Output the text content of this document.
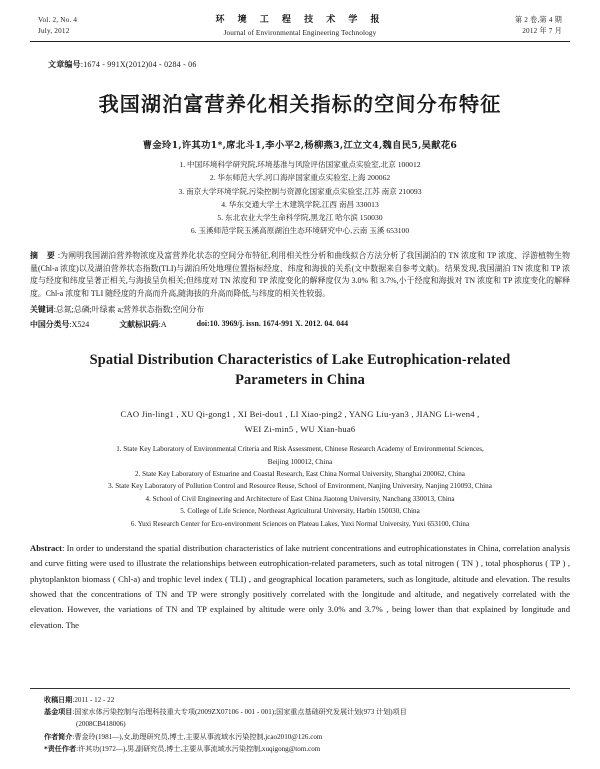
Vol. 2, No. 4
July, 2012
环 境 工 程 技 术 学 报
Journal of Environmental Engineering Technology
第 2 卷,第 4 期
2012 年 7 月
文章编号:1674 - 991X(2012)04 - 0284 - 06
我国湖泊富营养化相关指标的空间分布特征
曹金玲1,许其功1*,席北斗1,李小平2,杨柳燕3,江立文4,魏自民5,吴献花6
1. 中国环境科学研究院,环境基准与风险评估国家重点实验室,北京 100012
2. 华东师范大学,河口海岸国家重点实验室,上海 200062
3. 南京大学环境学院,污染控制与资源化国家重点实验室,江苏 南京 210093
4. 华东交通大学土木建筑学院,江西 南昌 330013
5. 东北农业大学生命科学院,黑龙江 哈尔滨 150030
6. 玉溪师范学院玉溪高原湖泊生态环境研究中心,云南 玉溪 653100
摘 要:为阐明我国湖泊营养物浓度及富营养化状态的空间分布特征,利用相关性分析和曲线拟合方法分析了我国湖泊的 TN 浓度和 TP 浓度、浮游植物生物量(Chl-a 浓度)以及湖泊营养状态指数(TLI)与湖泊所处地理位置指标经度、纬度和海拔的关系(文中数据来自参考文献)。结果发现,我国湖泊 TN 浓度和 TP 浓度与经度和纬度呈著正相关,与海拔呈负相关;但纬度对 TN 浓度和 TP 浓度变化的解释度仅为 3.0% 和 3.7%,小于经度和海拔对 TN 浓度和 TP 浓度变化的解释度。Chl-a 浓度和 TLI 随经度的升高而升高,随海拔的升高而降低,与纬度的相关性较弱。
关键词:总氮;总磷;叶绿素 a;营养状态指数;空间分布
中国分类号:X524	文献标识码:A	doi:10. 3969/j. issn. 1674-991 X. 2012. 04. 044
Spatial Distribution Characteristics of Lake Eutrophication-related
Parameters in China
CAO Jin-ling1 , XU Qi-gong1 , XI Bei-dou1 , LI Xiao-ping2 , YANG Liu-yan3 , JIANG Li-wen4 ,
WEI Zi-min5 , WU Xian-hua6
1. State Key Laboratory of Environmental Criteria and Risk Assessment, Chinese Research Academy of Environmental Sciences,
Beijing 100012, China
2. State Key Laboratory of Estuarine and Coastal Research, East China Normal University, Shanghai 200062, China
3. State Key Laboratory of Pollution Control and Resource Reuse, School of Environment, Nanjing University, Nanjing 210093, China
4. School of Civil Engineering and Architecture of East China Jiaotong University, Nanchang 330013, China
5. College of Life Science, Northeast Agricultural University, Harbin 150030, China
6. Yuxi Research Center for Eco-environment Sciences on Plateau Lakes, Yuxi Normal University, Yuxi 653100, China
Abstract: In order to understand the spatial distribution characteristics of lake nutrient concentrations and eutrophicationstates in China, correlation analysis and curve fitting were used to illustrate the relationships between eutrophication-related parameters, such as total nitrogen ( TN ) , total phosphorus ( TP ) , phytoplankton biomass ( Chl-a) and trophic level index ( TLI) , and geographical location parameters, such as longitude, altitude and elevation. The results showed that the concentrations of TN and TP were strongly positively correlated with the longitude and altitude, and negatively correlated with the elevation. However, the variations of TN and TP explained by altitude were only 3.0% and 3.7% , being lower than that explained by longitude and elevation. The
收稿日期:2011 - 12 - 22
基金项目:国家水体污染控制与治理科技重大专项(2009ZX07106 - 001 - 001);国家重点基础研究发展计划(973 计划)项目
(2008CB418006)
作者简介:曹金玲(1981—),女,助理研究员,博士,主要从事流域水污染控制,jcao2010@126.com
*责任作者:许其功(1972—),男,副研究员,博士,主要从事流域水污染控制,xuqigong@tom.com
